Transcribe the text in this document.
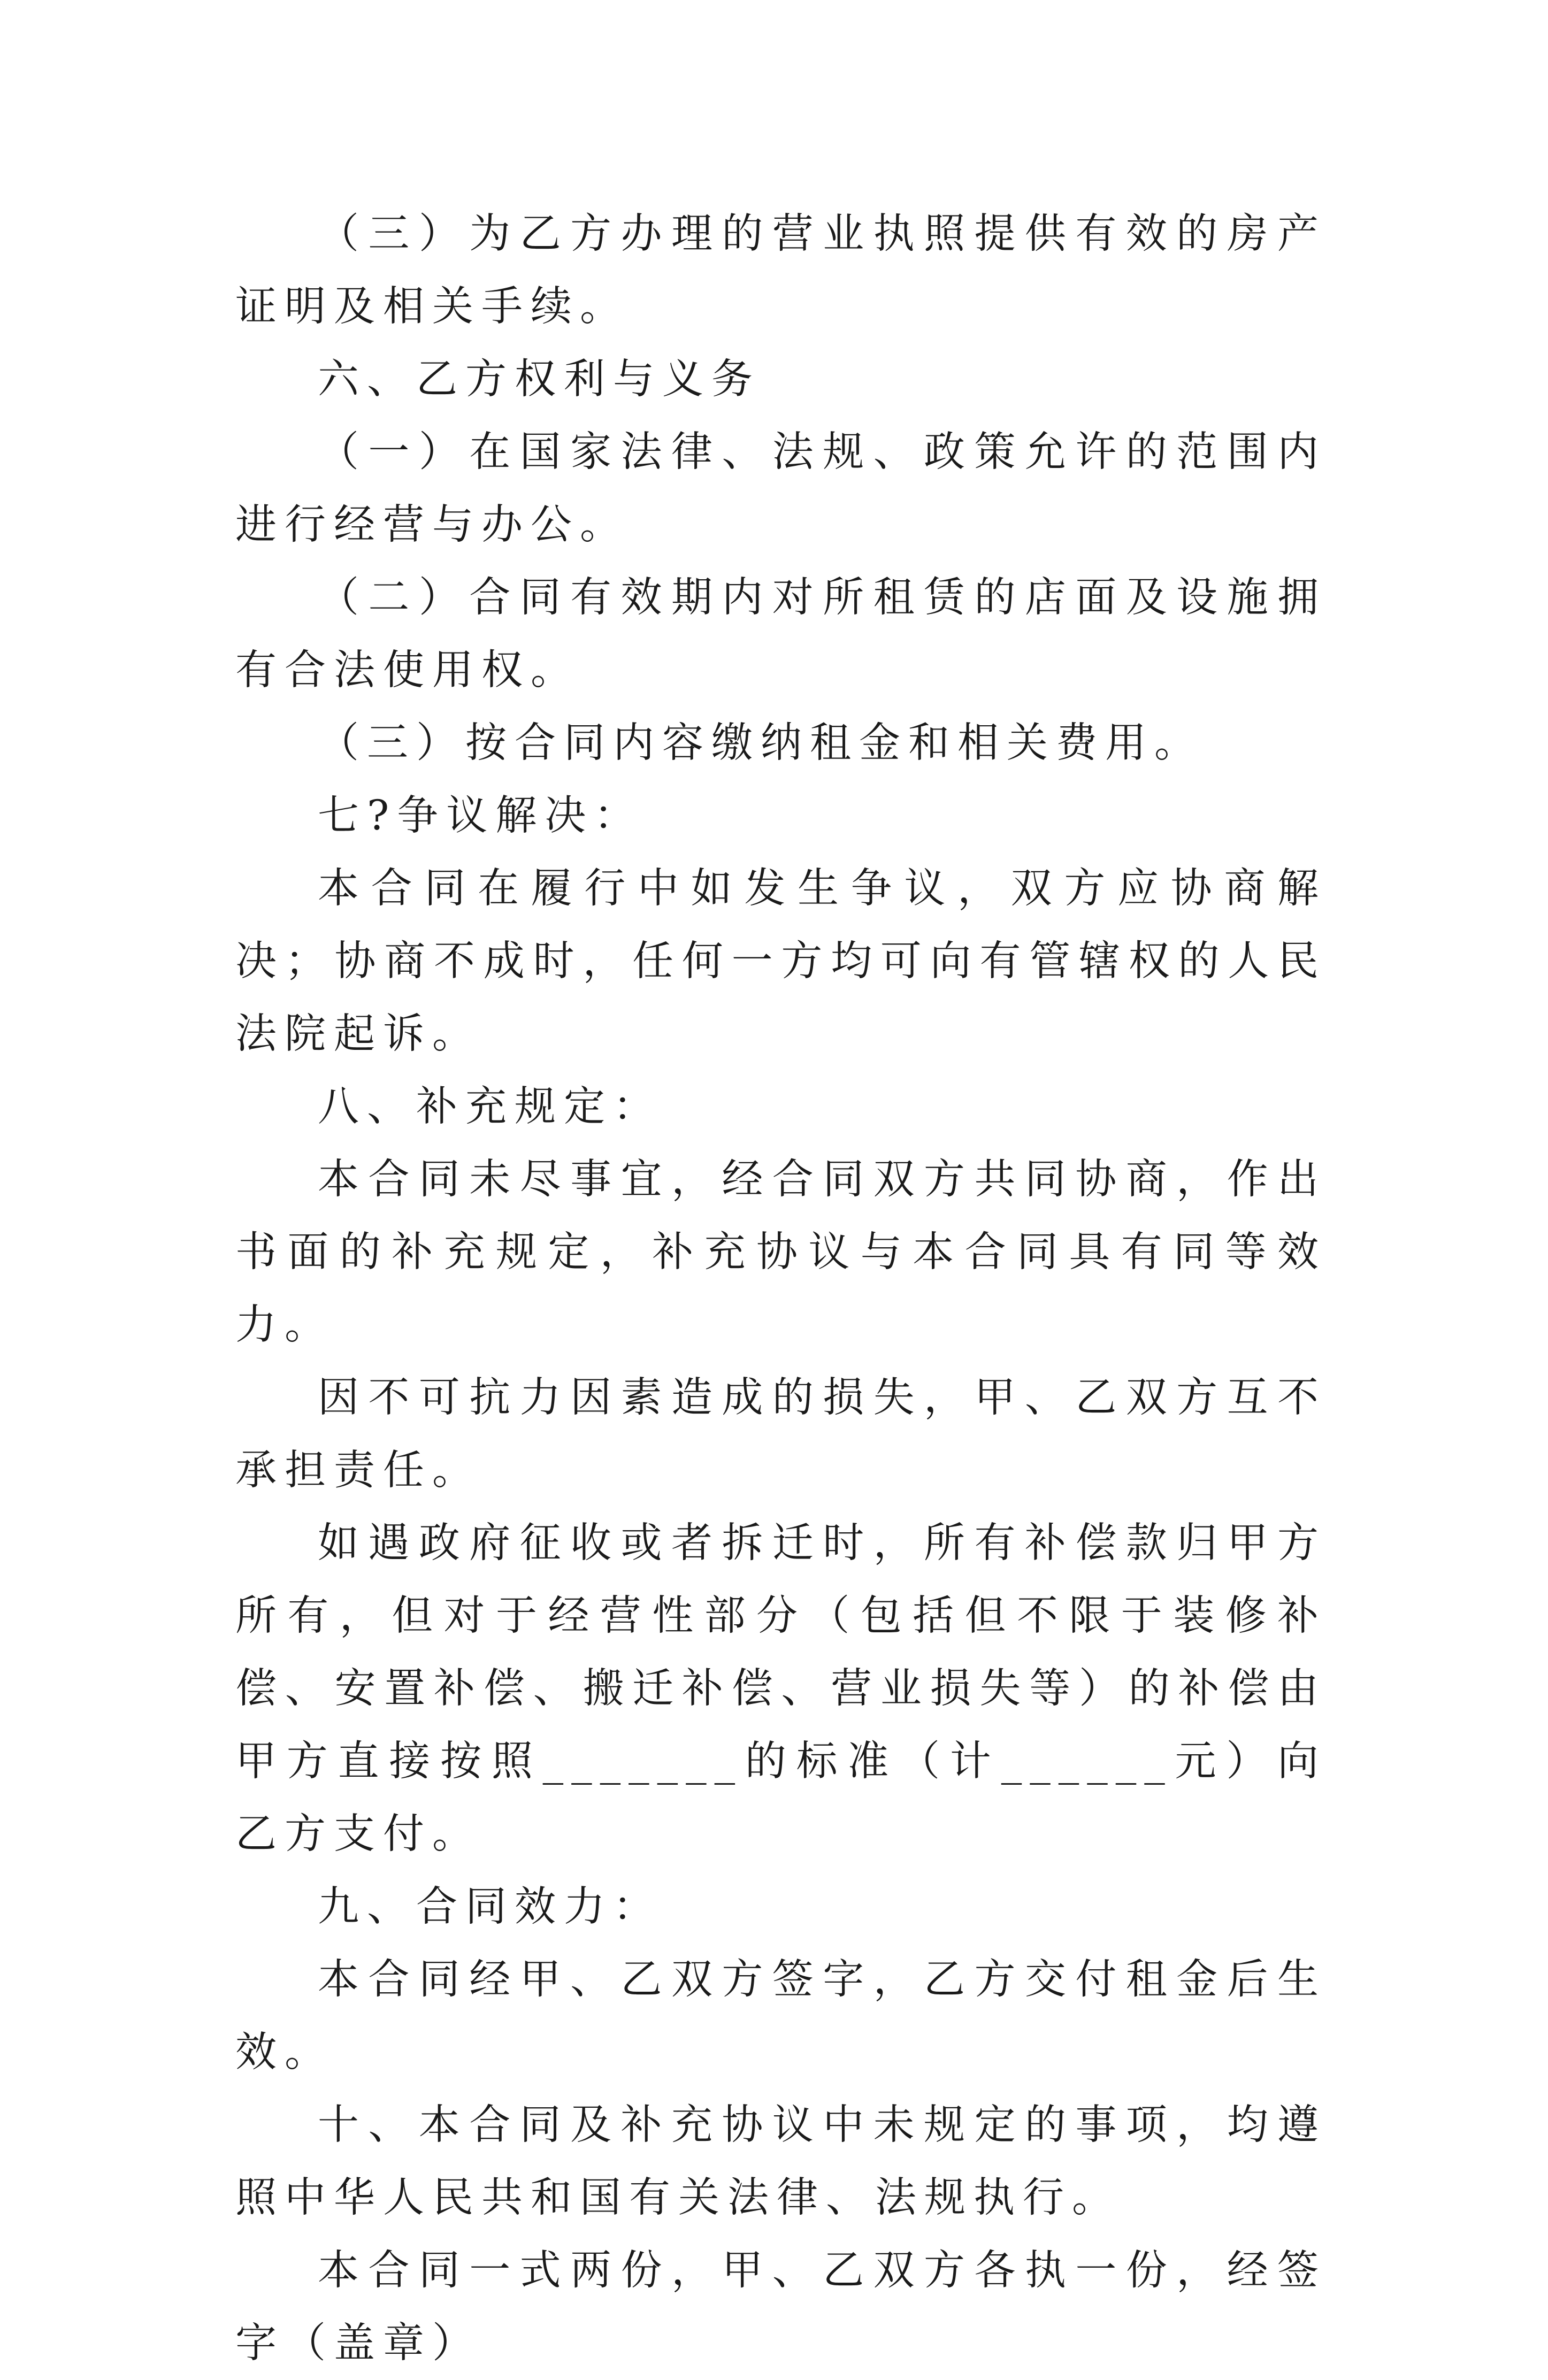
（三）为乙方办理的营业执照提供有效的房产证明及相关手续。

六、乙方权利与义务

（一）在国家法律、法规、政策允许的范围内进行经营与办公。

（二）合同有效期内对所租赁的店面及设施拥有合法使用权。

（三）按合同内容缴纳租金和相关费用。

七?争议解决：

本合同在履行中如发生争议，双方应协商解决；协商不成时，任何一方均可向有管辖权的人民法院起诉。

八、补充规定：

本合同未尽事宜，经合同双方共同协商，作出书面的补充规定，补充协议与本合同具有同等效力。

因不可抗力因素造成的损失，甲、乙双方互不承担责任。

如遇政府征收或者拆迁时，所有补偿款归甲方所有，但对于经营性部分（包括但不限于装修补偿、安置补偿、搬迁补偿、营业损失等）的补偿由甲方直接按照_______的标准（计______元）向乙方支付。

九、合同效力：

本合同经甲、乙双方签字，乙方交付租金后生效。

十、本合同及补充协议中未规定的事项，均遵照中华人民共和国有关法律、法规执行。

本合同一式两份，甲、乙双方各执一份，经签字（盖章）
